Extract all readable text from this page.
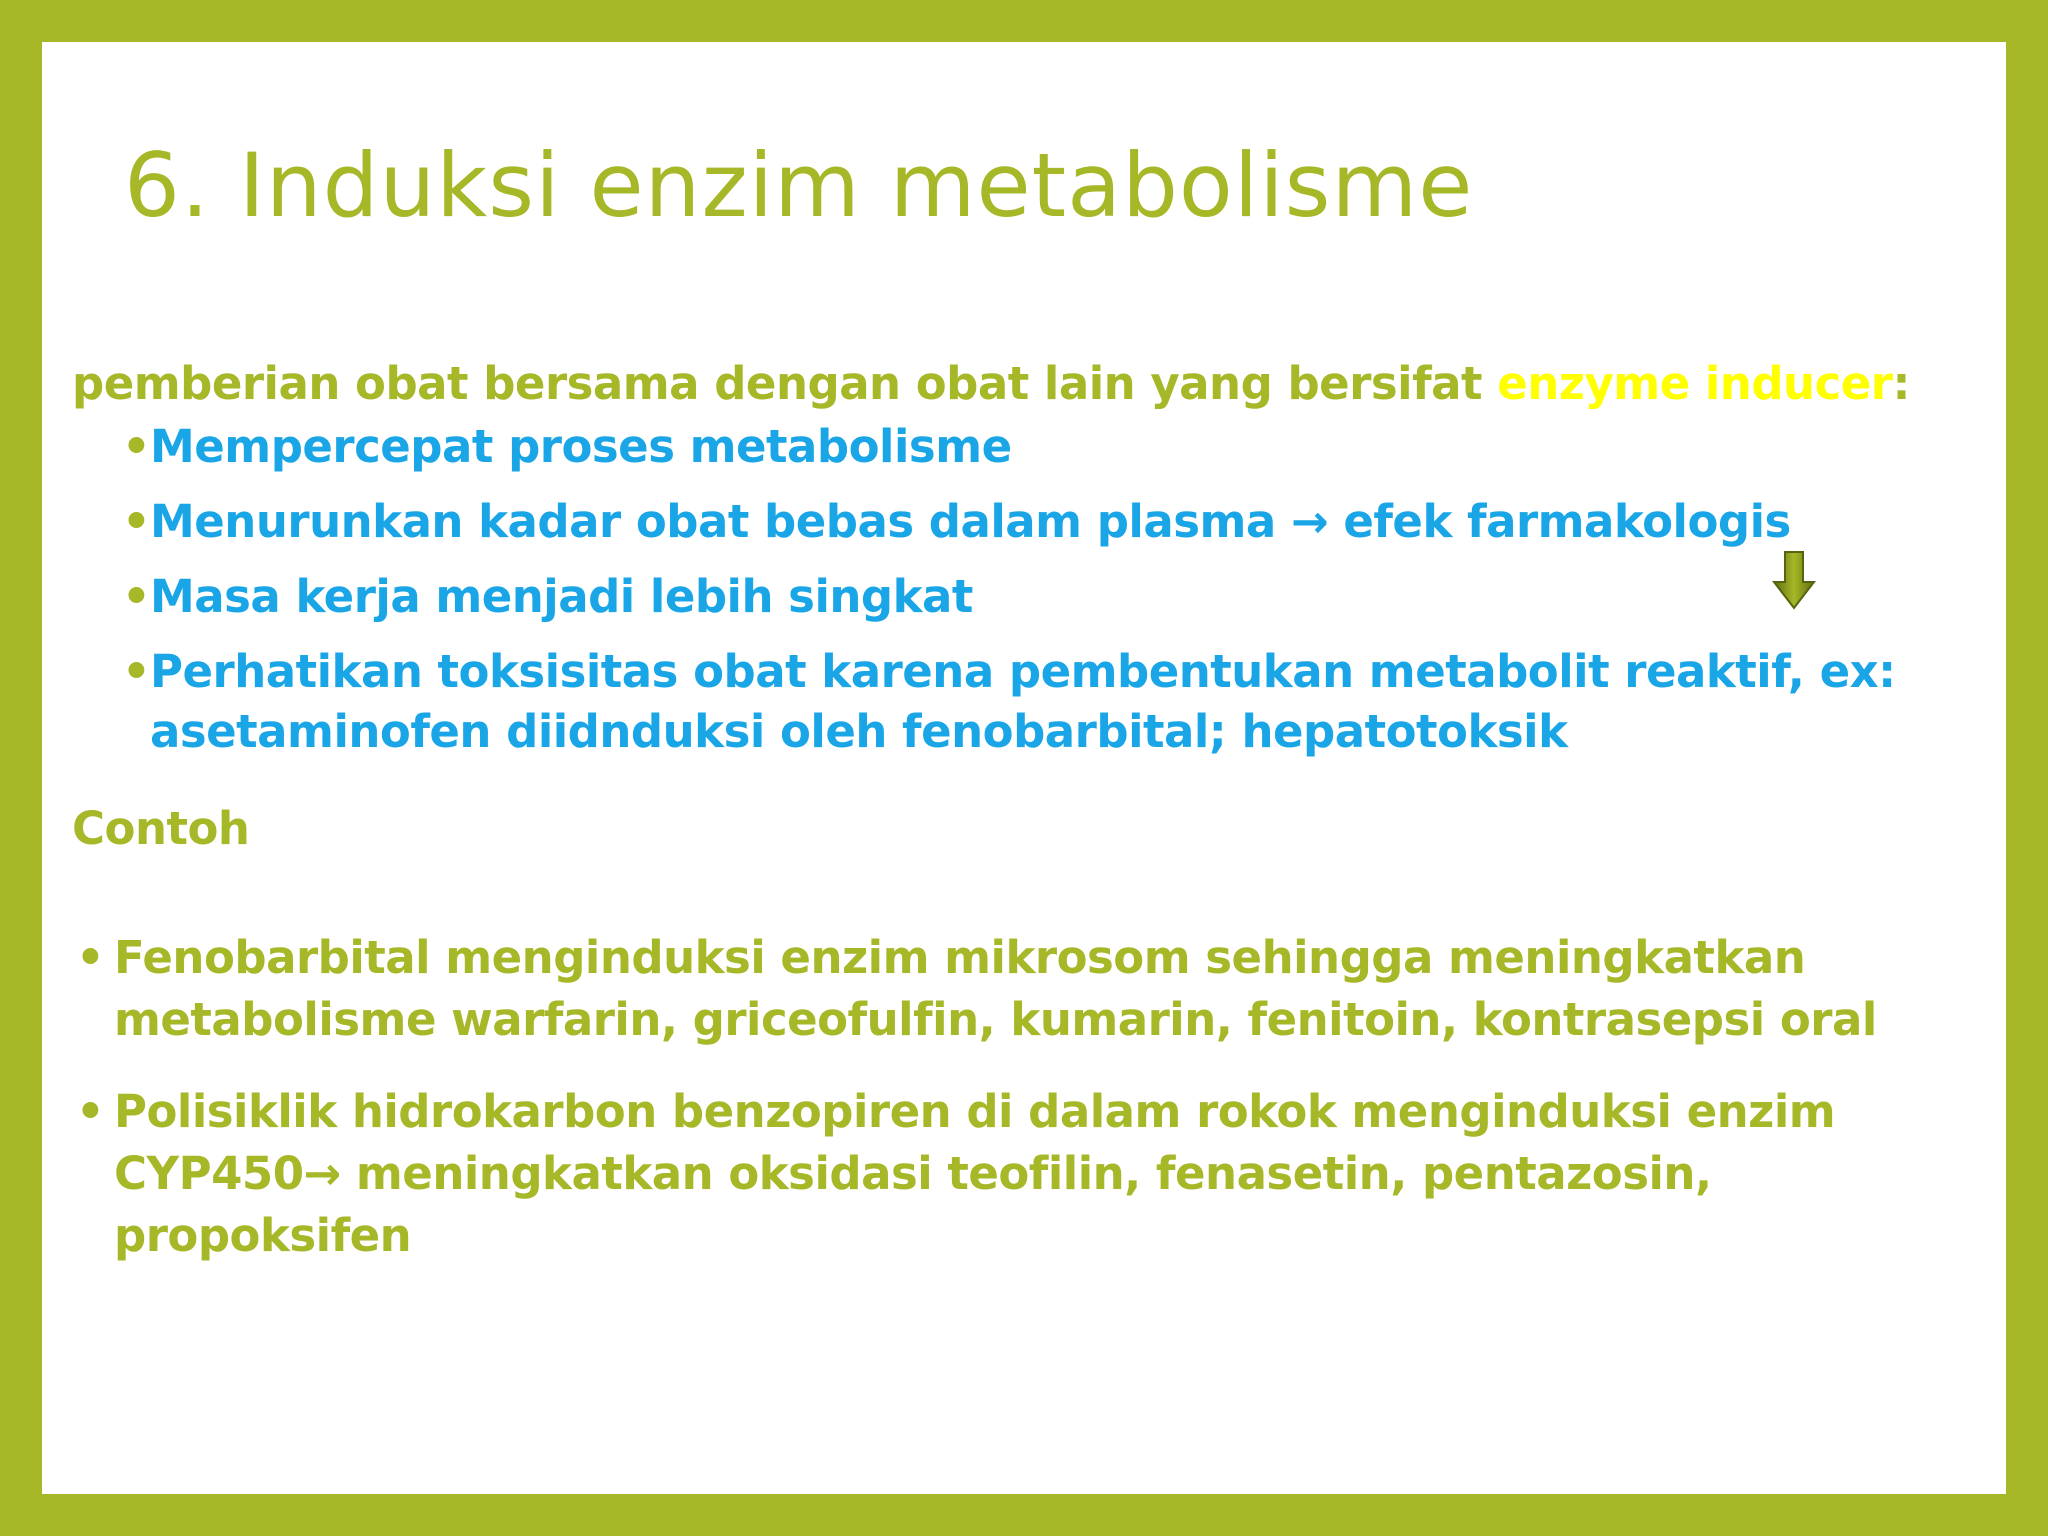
6. Induksi enzim metabolisme
pemberian obat bersama dengan obat lain yang bersifat enzyme inducer:
• Mempercepat proses metabolisme
• Menurunkan kadar obat bebas dalam plasma → efek farmakologis
• Masa kerja menjadi lebih singkat
• Perhatikan toksisitas obat karena pembentukan metabolit reaktif, ex:
asetaminofen diidnduksi oleh fenobarbital; hepatotoksik
Contoh
• Fenobarbital menginduksi enzim mikrosom sehingga meningkatkan
metabolisme warfarin, griceofulfin, kumarin, fenitoin, kontrasepsi oral
• Polisiklik hidrokarbon benzopiren di dalam rokok menginduksi enzim
CYP450→ meningkatkan oksidasi teofilin, fenasetin, pentazosin,
propoksifen
